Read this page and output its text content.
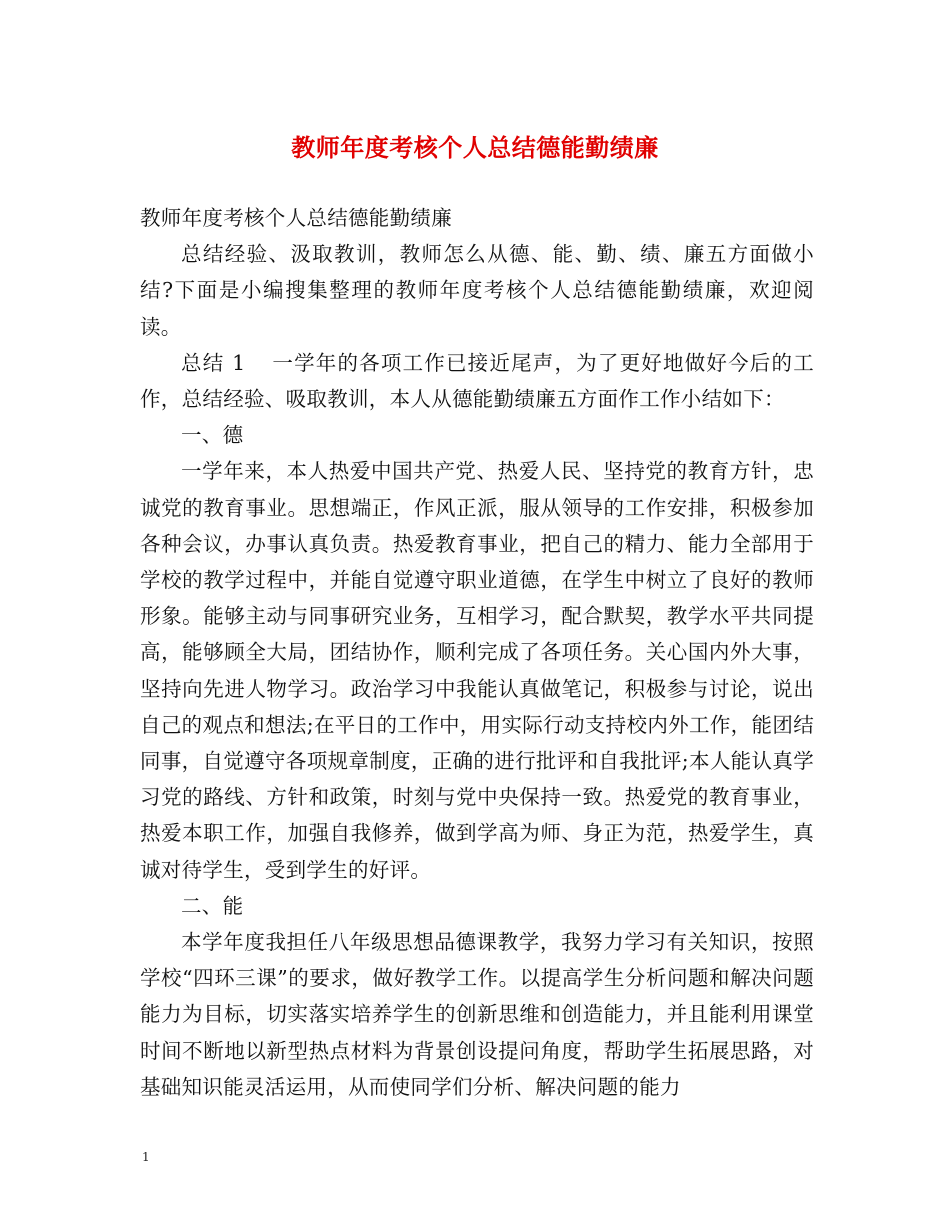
教师年度考核个人总结德能勤绩廉

教师年度考核个人总结德能勤绩廉

总结经验、汲取教训，教师怎么从德、能、勤、绩、廉五方面做小结?下面是小编搜集整理的教师年度考核个人总结德能勤绩廉，欢迎阅读。

总结 1 一学年的各项工作已接近尾声，为了更好地做好今后的工作，总结经验、吸取教训，本人从德能勤绩廉五方面作工作小结如下：

一、德

一学年来，本人热爱中国共产党、热爱人民、坚持党的教育方针，忠诚党的教育事业。思想端正，作风正派，服从领导的工作安排，积极参加各种会议，办事认真负责。热爱教育事业，把自己的精力、能力全部用于学校的教学过程中，并能自觉遵守职业道德，在学生中树立了良好的教师形象。能够主动与同事研究业务，互相学习，配合默契，教学水平共同提高，能够顾全大局，团结协作，顺利完成了各项任务。关心国内外大事，坚持向先进人物学习。政治学习中我能认真做笔记，积极参与讨论，说出自己的观点和想法;在平日的工作中，用实际行动支持校内外工作，能团结同事，自觉遵守各项规章制度，正确的进行批评和自我批评;本人能认真学习党的路线、方针和政策，时刻与党中央保持一致。热爱党的教育事业，热爱本职工作，加强自我修养，做到学高为师、身正为范，热爱学生，真诚对待学生，受到学生的好评。

二、能

本学年度我担任八年级思想品德课教学，我努力学习有关知识，按照学校“四环三课”的要求，做好教学工作。以提高学生分析问题和解决问题能力为目标，切实落实培养学生的创新思维和创造能力，并且能利用课堂时间不断地以新型热点材料为背景创设提问角度，帮助学生拓展思路，对基础知识能灵活运用，从而使同学们分析、解决问题的能力

1
